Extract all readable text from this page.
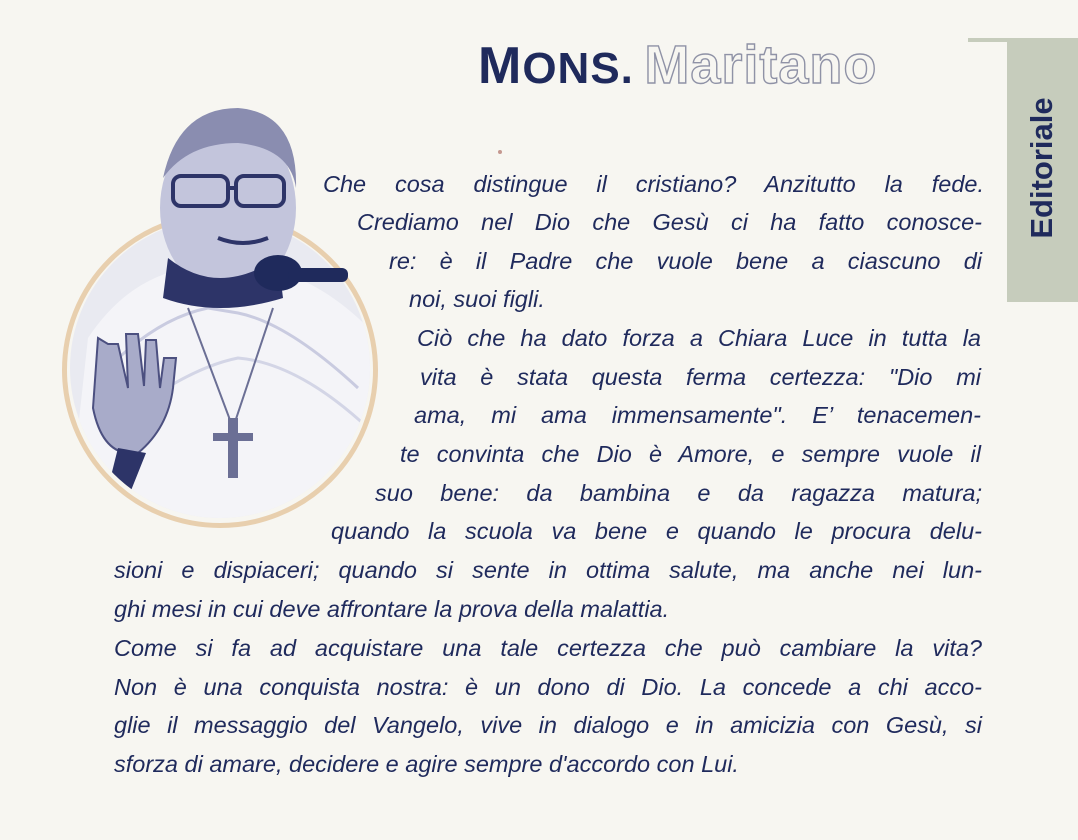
MONS. Maritano
Editoriale
Che cosa distingue il cristiano? Anzitutto la fede.
Crediamo nel Dio che Gesù ci ha fatto conosce-
re: è il Padre che vuole bene a ciascuno di
noi, suoi figli.
Ciò che ha dato forza a Chiara Luce in tutta la
vita è stata questa ferma certezza: "Dio mi
ama, mi ama immensamente". E’ tenacemen-
te convinta che Dio è Amore, e sempre vuole il
suo bene: da bambina e da ragazza matura;
quando la scuola va bene e quando le procura delu-
sioni e dispiaceri; quando si sente in ottima salute, ma anche nei lun-
ghi mesi in cui deve affrontare la prova della malattia.
Come si fa ad acquistare una tale certezza che può cambiare la vita?
Non è una conquista nostra: è un dono di Dio. La concede a chi acco-
glie il messaggio del Vangelo, vive in dialogo e in amicizia con Gesù, si
sforza di amare, decidere e agire sempre d'accordo con Lui.
